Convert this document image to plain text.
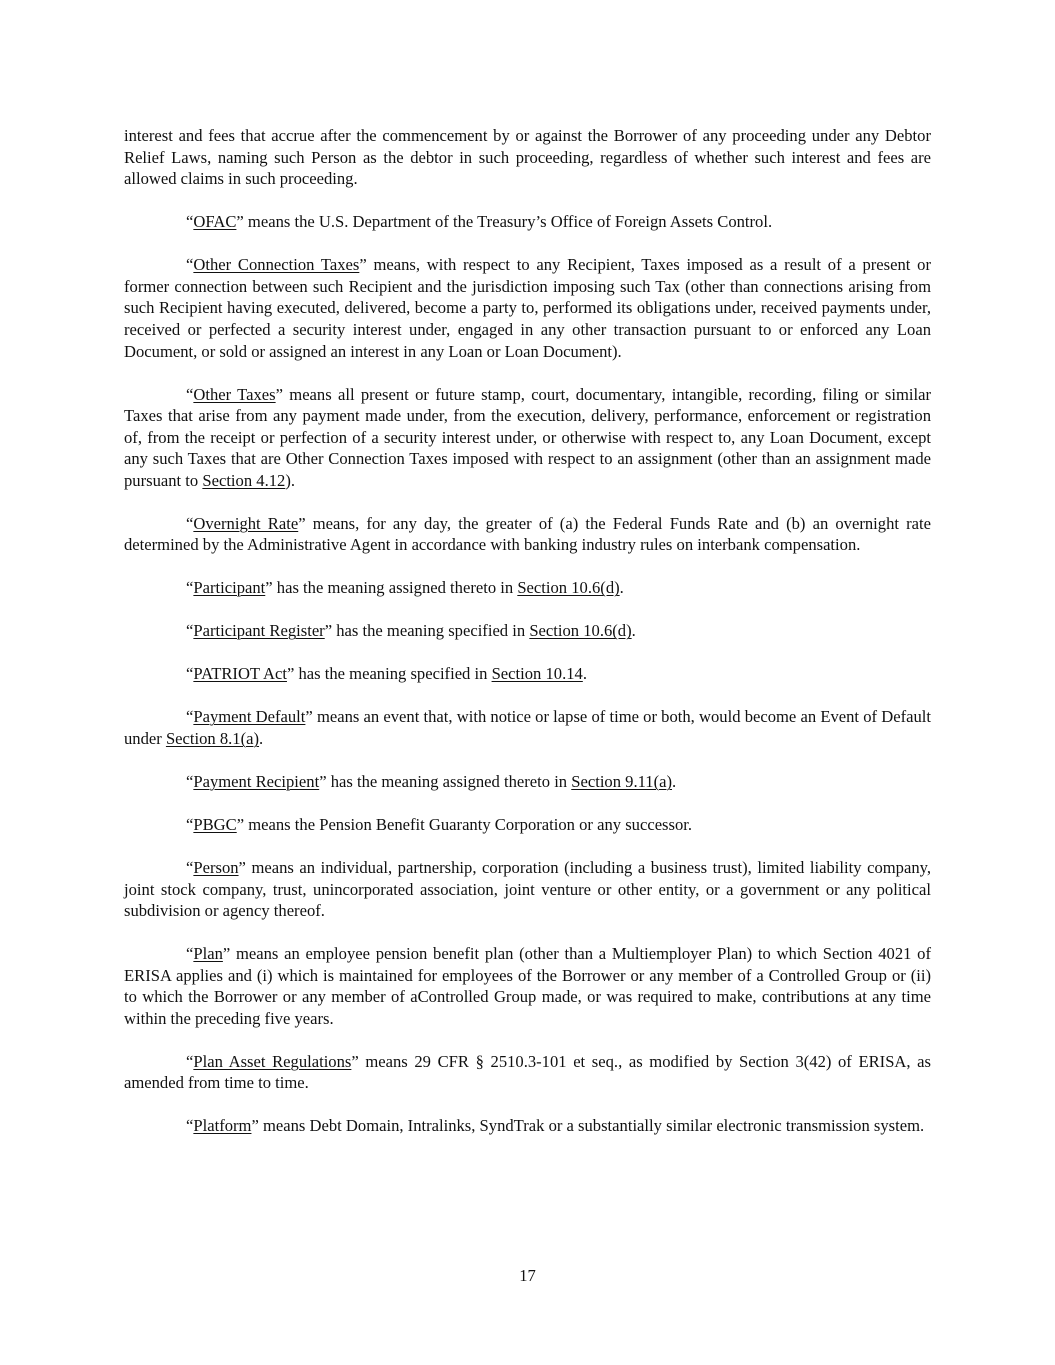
interest and fees that accrue after the commencement by or against the Borrower of any proceeding under any Debtor Relief Laws, naming such Person as the debtor in such proceeding, regardless of whether such interest and fees are allowed claims in such proceeding.

“OFAC” means the U.S. Department of the Treasury’s Office of Foreign Assets Control.

“Other Connection Taxes” means, with respect to any Recipient, Taxes imposed as a result of a present or former connection between such Recipient and the jurisdiction imposing such Tax (other than connections arising from such Recipient having executed, delivered, become a party to, performed its obligations under, received payments under, received or perfected a security interest under, engaged in any other transaction pursuant to or enforced any Loan Document, or sold or assigned an interest in any Loan or Loan Document).

“Other Taxes” means all present or future stamp, court, documentary, intangible, recording, filing or similar Taxes that arise from any payment made under, from the execution, delivery, performance, enforcement or registration of, from the receipt or perfection of a security interest under, or otherwise with respect to, any Loan Document, except any such Taxes that are Other Connection Taxes imposed with respect to an assignment (other than an assignment made pursuant to Section 4.12).

“Overnight Rate” means, for any day, the greater of (a) the Federal Funds Rate and (b) an overnight rate determined by the Administrative Agent in accordance with banking industry rules on interbank compensation.

“Participant” has the meaning assigned thereto in Section 10.6(d).

“Participant Register” has the meaning specified in Section 10.6(d).

“PATRIOT Act” has the meaning specified in Section 10.14.

“Payment Default” means an event that, with notice or lapse of time or both, would become an Event of Default under Section 8.1(a).

“Payment Recipient” has the meaning assigned thereto in Section 9.11(a).

“PBGC” means the Pension Benefit Guaranty Corporation or any successor.

“Person” means an individual, partnership, corporation (including a business trust), limited liability company, joint stock company, trust, unincorporated association, joint venture or other entity, or a government or any political subdivision or agency thereof.

“Plan” means an employee pension benefit plan (other than a Multiemployer Plan) to which Section 4021 of ERISA applies and (i) which is maintained for employees of the Borrower or any member of a Controlled Group or (ii) to which the Borrower or any member of aControlled Group made, or was required to make, contributions at any time within the preceding five years.

“Plan Asset Regulations” means 29 CFR § 2510.3-101 et seq., as modified by Section 3(42) of ERISA, as amended from time to time.

“Platform” means Debt Domain, Intralinks, SyndTrak or a substantially similar electronic transmission system.

17
